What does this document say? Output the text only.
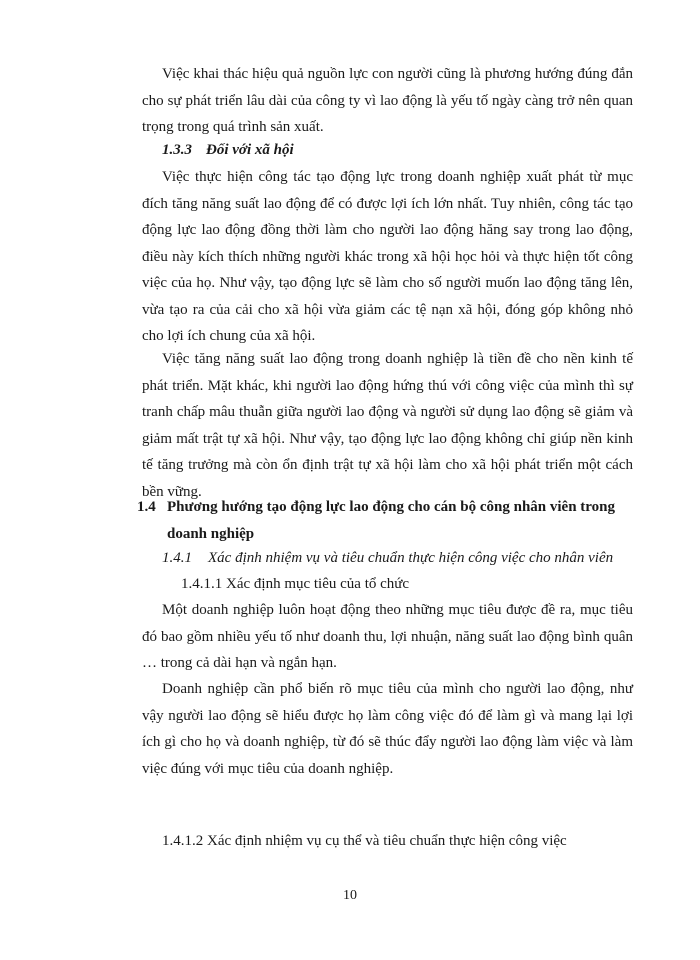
Việc khai thác hiệu quả nguồn lực con người cũng là phương hướng đúng đắn cho sự phát triển lâu dài của công ty vì lao động là yếu tố ngày càng trở nên quan trọng trong quá trình sản xuất.

1.3.3 Đối với xã hội

Việc thực hiện công tác tạo động lực trong doanh nghiệp xuất phát từ mục đích tăng năng suất lao động để có được lợi ích lớn nhất. Tuy nhiên, công tác tạo động lực lao động đồng thời làm cho người lao động hăng say trong lao động, điều này kích thích những người khác trong xã hội học hỏi và thực hiện tốt công việc của họ. Như vậy, tạo động lực sẽ làm cho số người muốn lao động tăng lên, vừa tạo ra của cải cho xã hội vừa giảm các tệ nạn xã hội, đóng góp không nhỏ cho lợi ích chung của xã hội.

Việc tăng năng suất lao động trong doanh nghiệp là tiền đề cho nền kinh tế phát triển. Mặt khác, khi người lao động hứng thú với công việc của mình thì sự tranh chấp mâu thuẫn giữa người lao động và người sử dụng lao động sẽ giảm và giảm mất trật tự xã hội. Như vậy, tạo động lực lao động không chỉ giúp nền kinh tế tăng trưởng mà còn ổn định trật tự xã hội làm cho xã hội phát triển một cách bền vững.

1.4 Phương hướng tạo động lực lao động cho cán bộ công nhân viên trong
doanh nghiệp
1.4.1 Xác định nhiệm vụ và tiêu chuẩn thực hiện công việc cho nhân viên
1.4.1.1 Xác định mục tiêu của tổ chức

Một doanh nghiệp luôn hoạt động theo những mục tiêu được đề ra, mục tiêu đó bao gồm nhiều yếu tố như doanh thu, lợi nhuận, năng suất lao động bình quân … trong cả dài hạn và ngắn hạn.

Doanh nghiệp cần phổ biến rõ mục tiêu của mình cho người lao động, như vậy người lao động sẽ hiểu được họ làm công việc đó để làm gì và mang lại lợi ích gì cho họ và doanh nghiệp, từ đó sẽ thúc đẩy người lao động làm việc và làm việc đúng với mục tiêu của doanh nghiệp.

1.4.1.2 Xác định nhiệm vụ cụ thể và tiêu chuẩn thực hiện công việc
10
